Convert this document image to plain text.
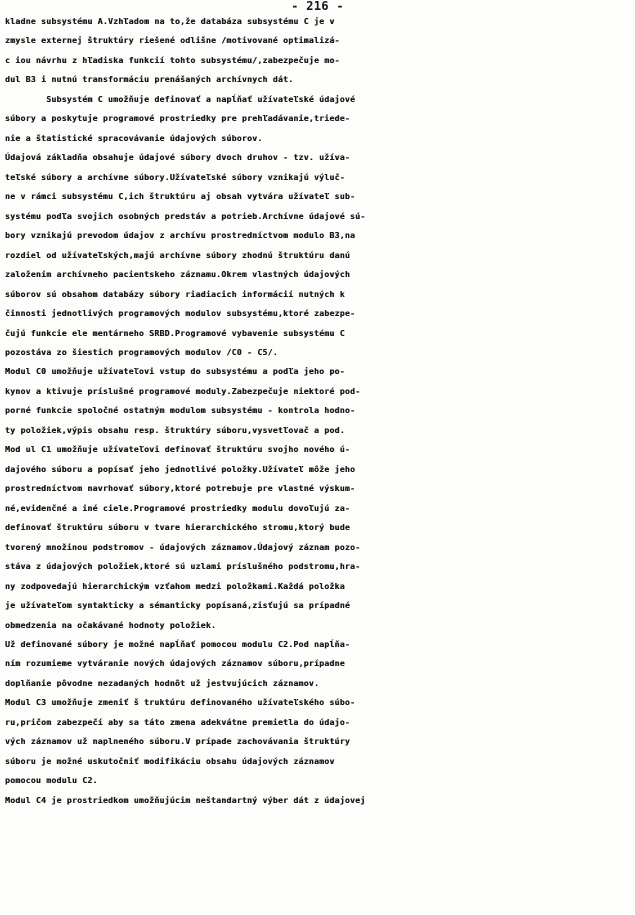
- 216 -
kladne subsystému A.Vzhľadom na to,že databáza subsystému C je v
zmysle externej štruktúry riešené odlišne /motivované optimalizá-
c iou návrhu z hľadiska funkcií tohto subsystému/,zabezpečuje mo-
dul B3 i nutnú transformáciu prenášaných archívnych dát.
Subsystém C umožňuje definovať a napĺňať užívateľské údajové
súbory a poskytuje programové prostriedky pre prehľadávanie,triede-
nie a štatistické spracovávanie údajových súborov.
Údajová základňa obsahuje údajové súbory dvoch druhov - tzv. užíva-
teľské súbory a archívne súbory.Užívateľské súbory vznikajú výluč-
ne v rámci subsystému C,ich štruktúru aj obsah vytvára užívateľ sub-
systému podľa svojich osobných predstáv a potrieb.Archívne údajové sú-
bory vznikajú prevodom údajov z archívu prostredníctvom modulo B3,na
rozdiel od užívateľských,majú archívne súbory zhodnú štruktúru danú
založením archívneho pacientskeho záznamu.Okrem vlastných údajových
súborov sú obsahom databázy súbory riadiacich informácií nutných k
činnosti jednotlivých programových modulov subsystému,ktoré zabezpe-
čujú funkcie ele mentárneho SRBD.Programové vybavenie subsystému C
pozostáva zo šiestich programových modulov /C0 - C5/.
Modul C0 umožňuje užívateľovi vstup do subsystému a podľa jeho po-
kynov a ktivuje príslušné programové moduly.Zabezpečuje niektoré pod-
porné funkcie spoločné ostatným modulom subsystému - kontrola hodno-
ty položiek,výpis obsahu resp. štruktúry súboru,vysvetľovač a pod.
Mod ul C1 umožňuje užívateľovi definovať štruktúru svojho nového ú-
dajového súboru a popísať jeho jednotlivé položky.Užívateľ môže jeho
prostredníctvom navrhovať súbory,ktoré potrebuje pre vlastné výskum-
né,evidenčné a iné ciele.Programové prostriedky modulu dovoľujú za-
definovať štruktúru súboru v tvare hierarchického stromu,ktorý bude
tvorený množinou podstromov - údajových záznamov.Údajový záznam pozo-
stáva z údajových položiek,ktoré sú uzlami príslušného podstromu,hra-
ny zodpovedajú hierarchickým vzťahom medzi položkami.Každá položka
je užívateľom syntakticky a sémanticky popísaná,zisťujú sa prípadné
obmedzenia na očakávané hodnoty položiek.
Už definované súbory je možné napĺňať pomocou modulu C2.Pod napĺňa-
ním rozumieme vytváranie nových údajových záznamov súboru,prípadne
doplňanie pôvodne nezadaných hodnôt už jestvujúcich záznamov.
Modul C3 umožňuje zmeniť š truktúru definovaného užívateľského súbo-
ru,pričom zabezpečí aby sa táto zmena adekvátne premietla do údajo-
vých záznamov už naplneného súboru.V prípade zachovávania štruktúry
súboru je možné uskutočniť modifikáciu obsahu údajových záznamov
pomocou modulu C2.
Modul C4 je prostriedkom umožňujúcim neštandartný výber dát z údajovej
